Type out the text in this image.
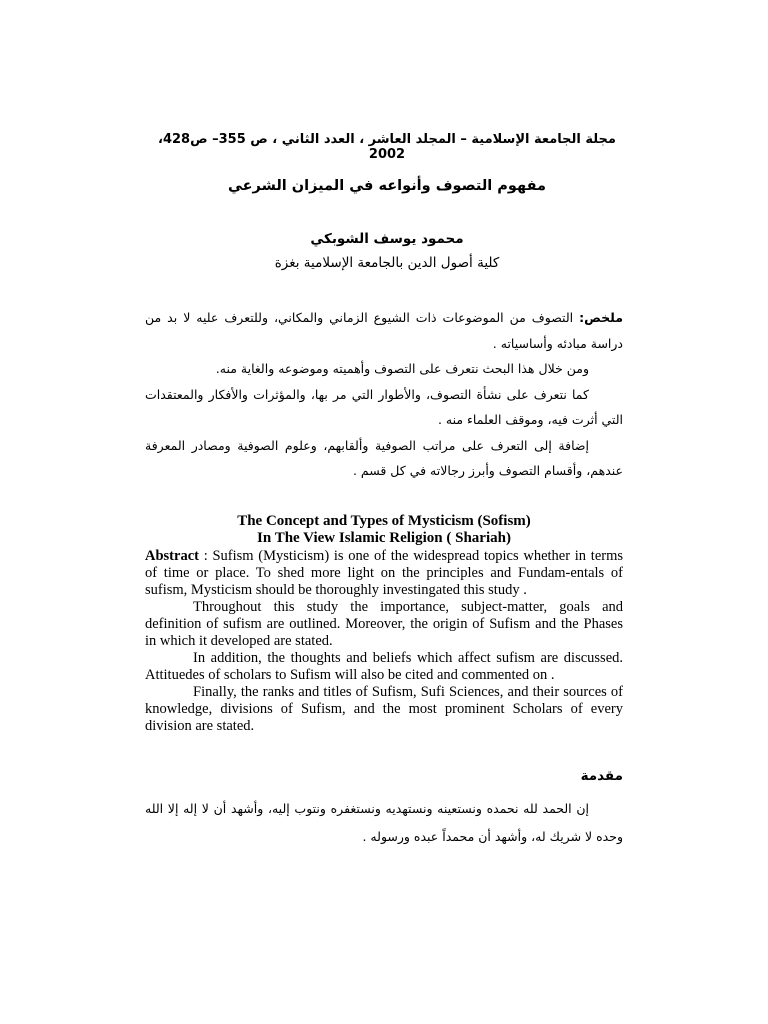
مجلة الجامعة الإسلامية – المجلد العاشر ، العدد الثاني ، ص 355– ص428، 2002
مفهوم التصوف وأنواعه في الميزان الشرعي
محمود يوسف الشوبكي
كلية أصول الدين بالجامعة الإسلامية بغزة

ملخص: التصوف من الموضوعات ذات الشيوع الزماني والمكاني، وللتعرف عليه لا بد من دراسة مبادئه وأساسياته .

ومن خلال هذا البحث نتعرف على التصوف وأهميته وموضوعه والغاية منه.

كما نتعرف على نشأة التصوف، والأطوار التي مر بها، والمؤثرات والأفكار والمعتقدات التي أثرت فيه، وموقف العلماء منه .

إضافة إلى التعرف على مراتب الصوفية وألقابهم، وعلوم الصوفية ومصادر المعرفة عندهم، وأقسام التصوف وأبرز رجالاته في كل قسم .

The Concept and Types of Mysticism (Sofism)
In The View Islamic Religion ( Shariah)

Abstract : Sufism (Mysticism) is one of the widespread topics whether in terms of time or place. To shed more light on the principles and Fundam-entals of sufism, Mysticism should be thoroughly investingated this study .

Throughout this study the importance, subject-matter, goals and definition of sufism are outlined. Moreover, the origin of Sufism and the Phases in which it developed are stated.

In addition, the thoughts and beliefs which affect sufism are discussed. Attituedes of scholars to Sufism will also be cited and commented on .

Finally, the ranks and titles of Sufism, Sufi Sciences, and their sources of knowledge, divisions of Sufism, and the most prominent Scholars of every division are stated.

مقدمة

إن الحمد لله نحمده ونستعينه ونستهديه ونستغفره ونتوب إليه، وأشهد أن لا إله إلا الله وحده لا شريك له، وأشهد أن محمداً عبده ورسوله .
